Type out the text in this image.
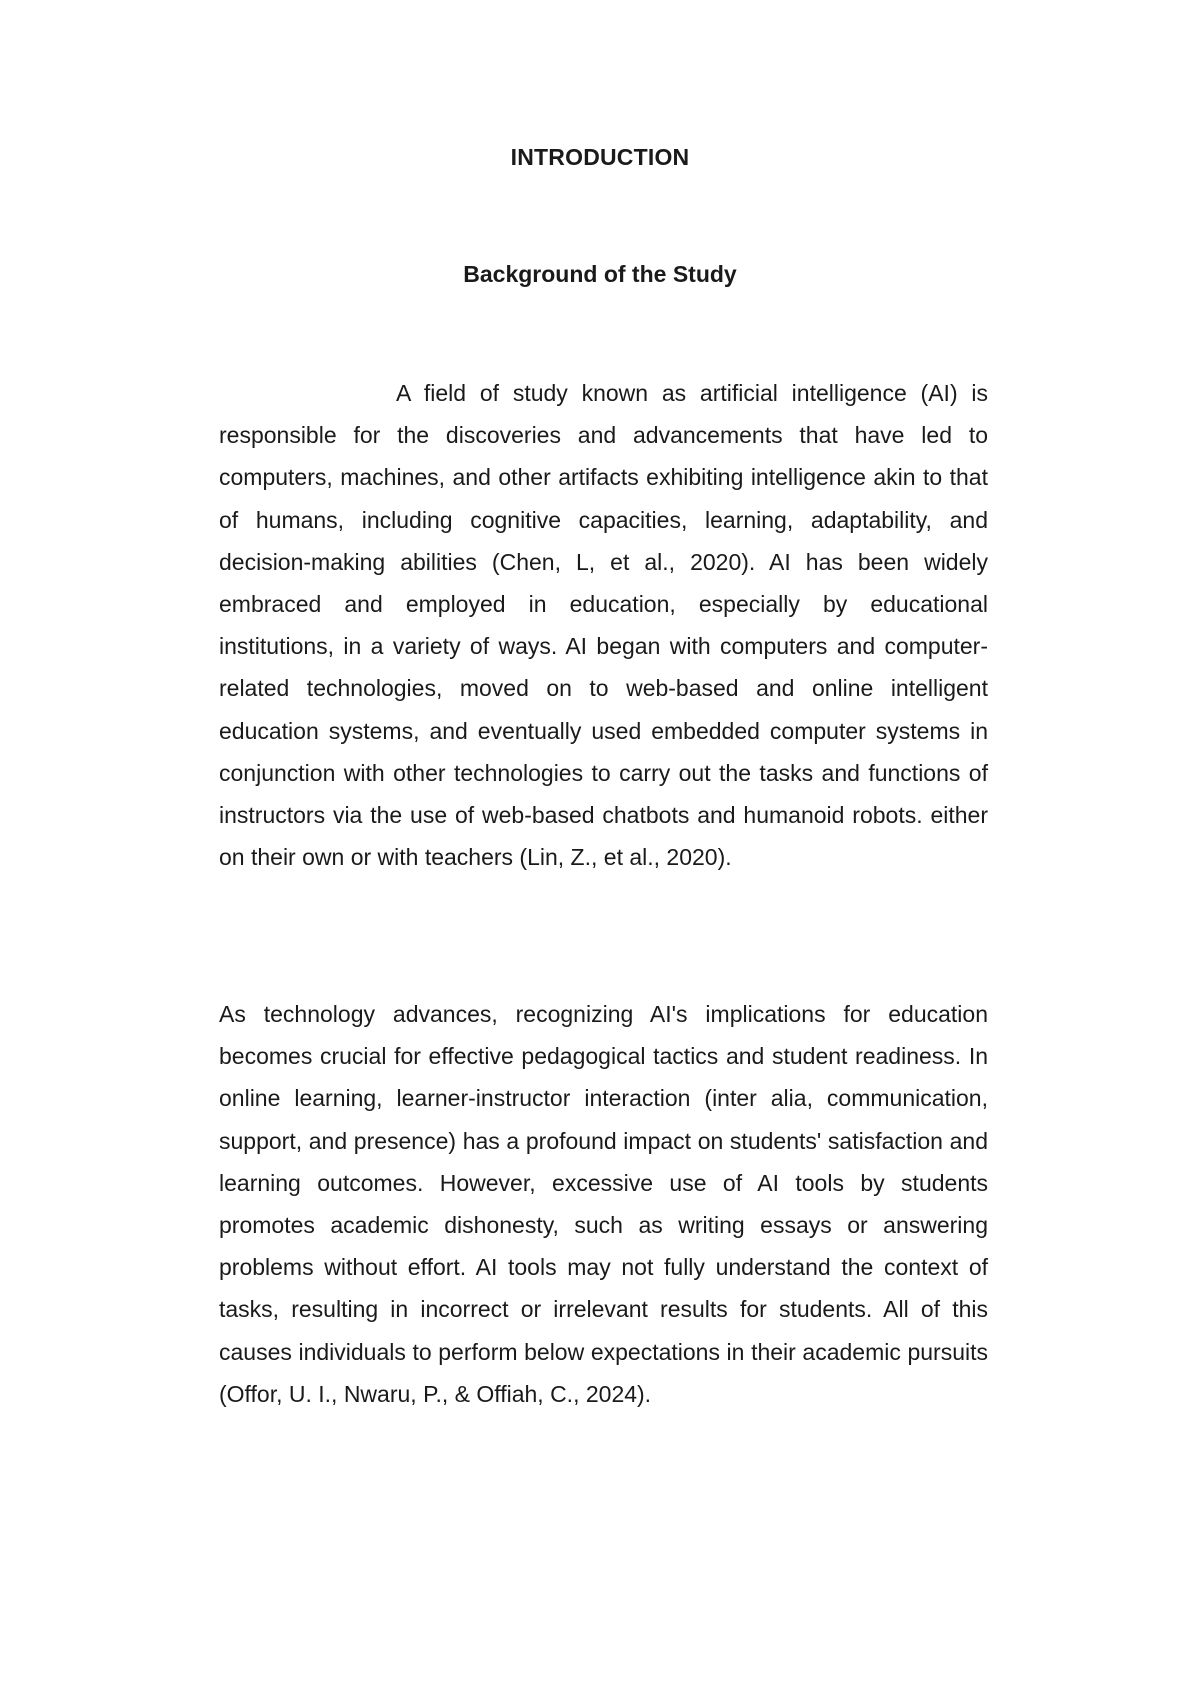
INTRODUCTION
Background of the Study

A field of study known as artificial intelligence (AI) is responsible for the discoveries and advancements that have led to computers, machines, and other artifacts exhibiting intelligence akin to that of humans, including cognitive capacities, learning, adaptability, and decision-making abilities (Chen, L, et al., 2020). AI has been widely embraced and employed in education, especially by educational institutions, in a variety of ways. AI began with computers and computer-related technologies, moved on to web-based and online intelligent education systems, and eventually used embedded computer systems in conjunction with other technologies to carry out the tasks and functions of instructors via the use of web-based chatbots and humanoid robots. either on their own or with teachers (Lin, Z., et al., 2020).

As technology advances, recognizing AI's implications for education becomes crucial for effective pedagogical tactics and student readiness. In online learning, learner-instructor interaction (inter alia, communication, support, and presence) has a profound impact on students' satisfaction and learning outcomes. However, excessive use of AI tools by students promotes academic dishonesty, such as writing essays or answering problems without effort. AI tools may not fully understand the context of tasks, resulting in incorrect or irrelevant results for students. All of this causes individuals to perform below expectations in their academic pursuits (Offor, U. I., Nwaru, P., & Offiah, C., 2024).
